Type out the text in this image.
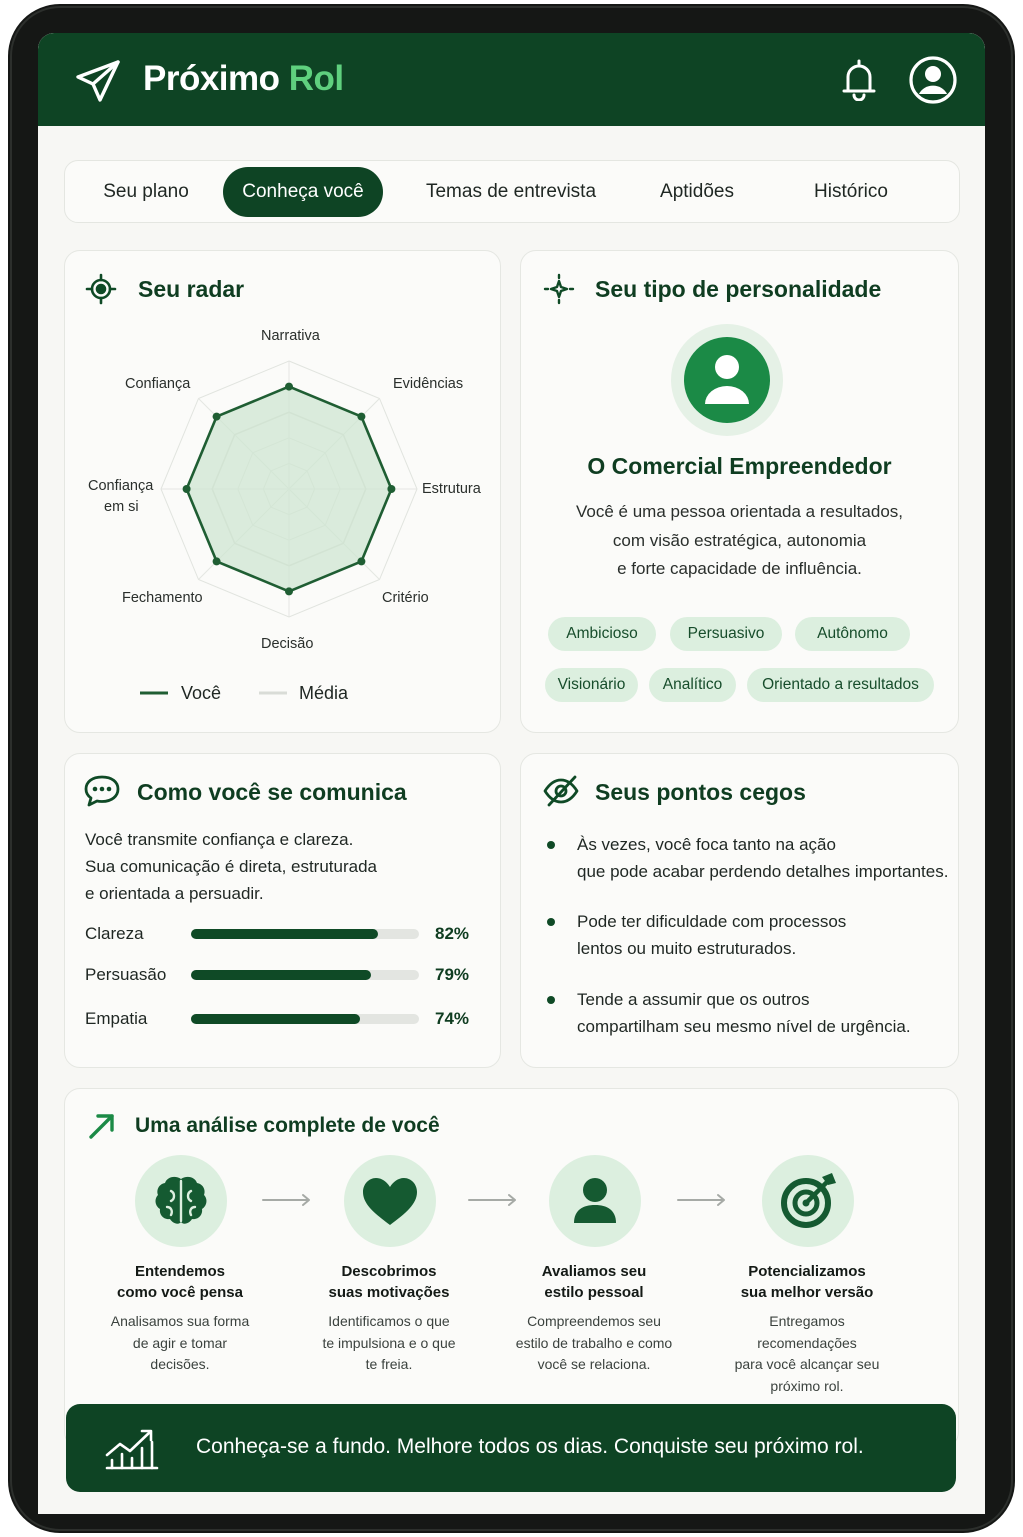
Próximo Rol
Seu plano	Conheça você	Temas de entrevista	Aptidões	Histórico
Seu radar
Narrativa
Evidências
Estrutura
Critério
Decisão
Fechamento
Confiança
em si
Confiança
Você	Média
Seu tipo de personalidade
O Comercial Empreendedor
Você é uma pessoa orientada a resultados,
com visão estratégica, autonomia
e forte capacidade de influência.
Ambicioso	Persuasivo	Autônomo
Visionário	Analítico	Orientado a resultados
Como você se comunica
Você transmite confiança e clareza.
Sua comunicação é direta, estruturada
e orientada a persuadir.
Clareza	82%
Persuasão	79%
Empatia	74%
Seus pontos cegos
Às vezes, você foca tanto na ação
que pode acabar perdendo detalhes importantes.
Pode ter dificuldade com processos
lentos ou muito estruturados.
Tende a assumir que os outros
compartilham seu mesmo nível de urgência.
Uma análise complete de você
Entendemos
como você pensa
Analisamos sua forma
de agir e tomar
decisões.
Descobrimos
suas motivações
Identificamos o que
te impulsiona e o que
te freia.
Avaliamos seu
estilo pessoal
Compreendemos seu
estilo de trabalho e como
você se relaciona.
Potencializamos
sua melhor versão
Entregamos recomendações
para você alcançar seu
próximo rol.
Conheça-se a fundo. Melhore todos os dias. Conquiste seu próximo rol.
